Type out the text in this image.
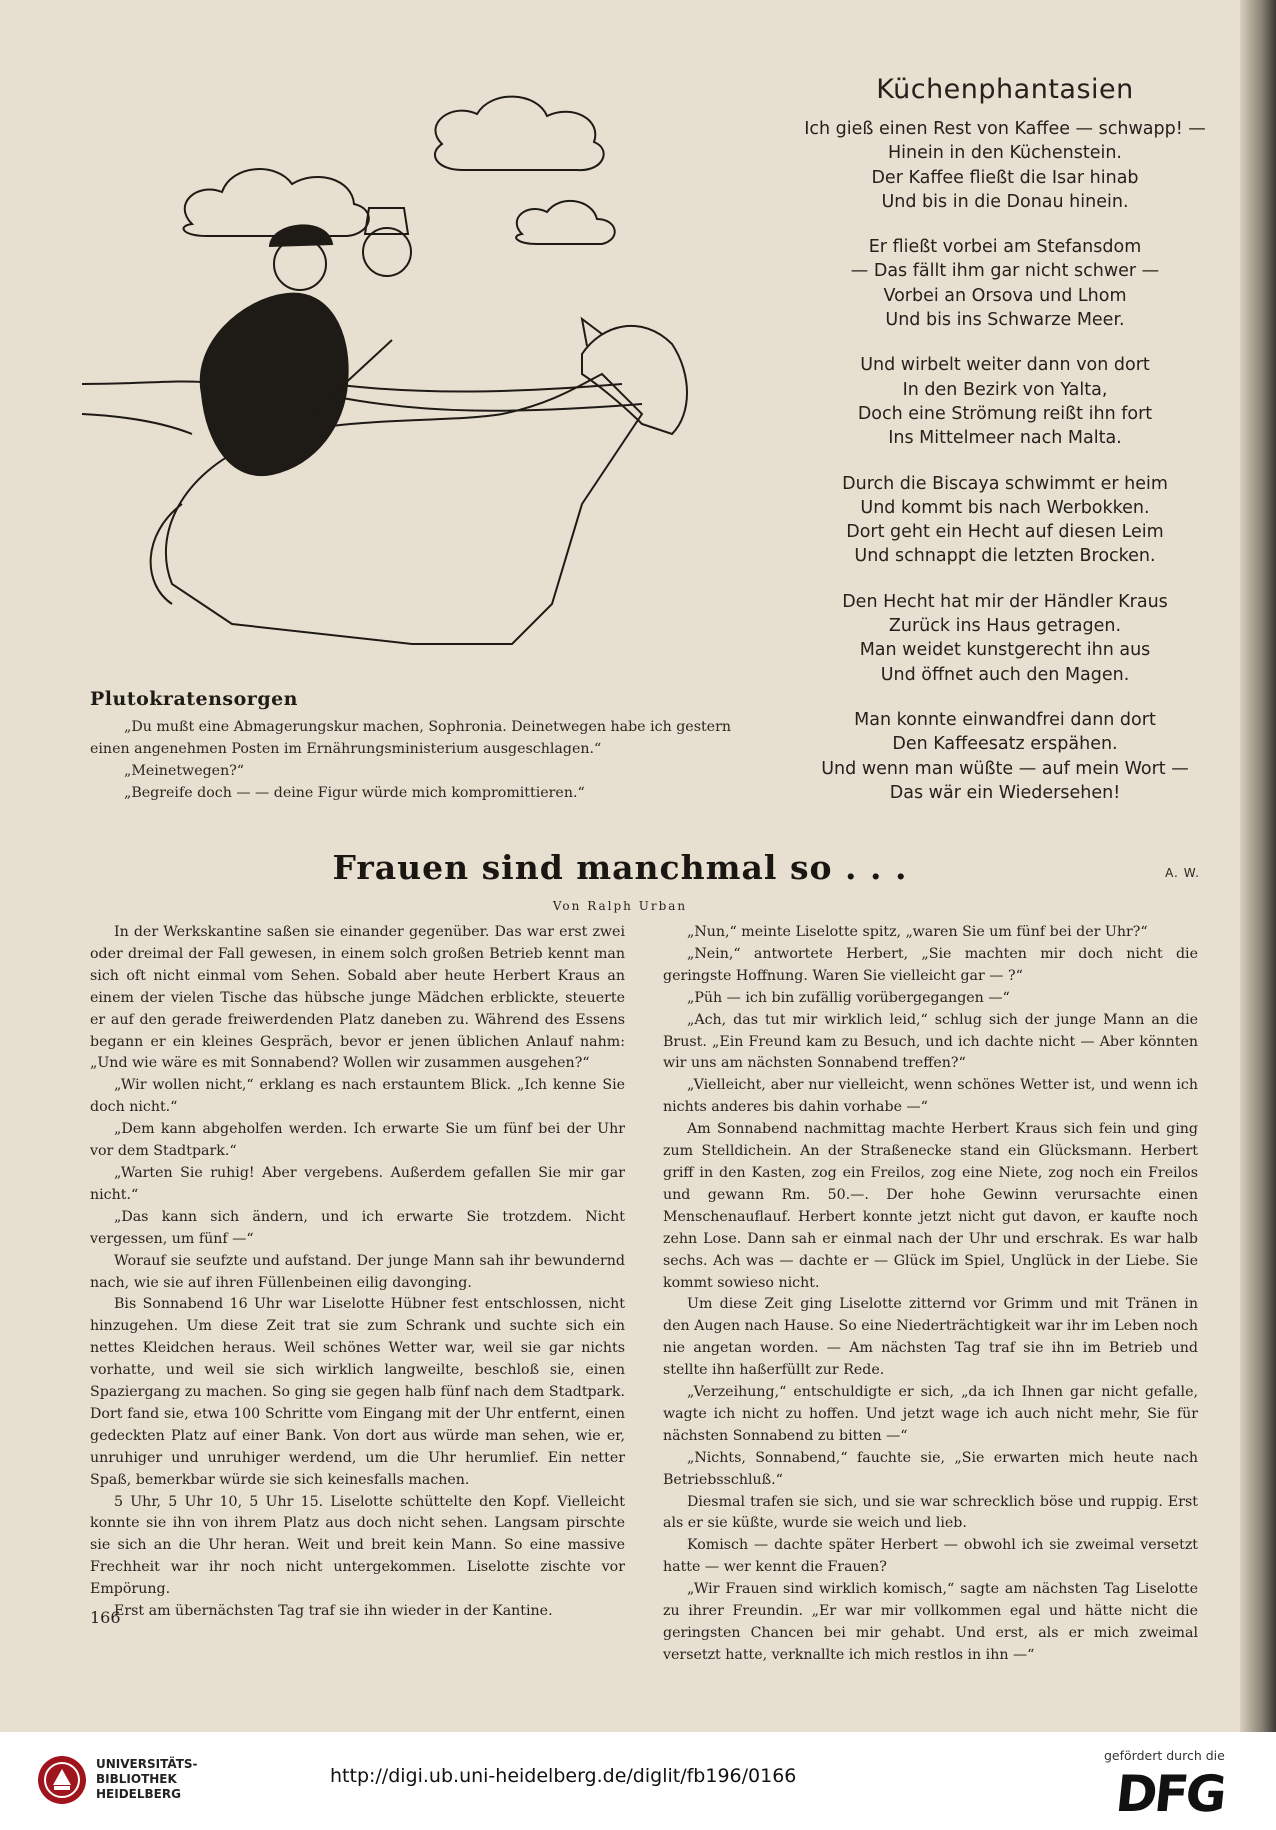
Plutokratensorgen

„Du mußt eine Abmagerungskur machen, Sophronia. Deinetwegen habe ich gestern einen angenehmen Posten im Ernährungsministerium ausgeschlagen.“

„Meinetwegen?“

„Begreife doch — — deine Figur würde mich kompromittieren.“

Küchenphantasien

Ich gieß einen Rest von Kaffee — schwapp! —

Hinein in den Küchenstein.

Der Kaffee fließt die Isar hinab

Und bis in die Donau hinein.

Er fließt vorbei am Stefansdom

— Das fällt ihm gar nicht schwer —

Vorbei an Orsova und Lhom

Und bis ins Schwarze Meer.

Und wirbelt weiter dann von dort

In den Bezirk von Yalta,

Doch eine Strömung reißt ihn fort

Ins Mittelmeer nach Malta.

Durch die Biscaya schwimmt er heim

Und kommt bis nach Werbokken.

Dort geht ein Hecht auf diesen Leim

Und schnappt die letzten Brocken.

Den Hecht hat mir der Händler Kraus

Zurück ins Haus getragen.

Man weidet kunstgerecht ihn aus

Und öffnet auch den Magen.

Man konnte einwandfrei dann dort

Den Kaffeesatz erspähen.

Und wenn man wüßte — auf mein Wort —

Das wär ein Wiedersehen!

A. W.
Frauen sind manchmal so . . .

Von Ralph Urban

In der Werkskantine saßen sie einander gegenüber. Das war erst zwei oder dreimal der Fall gewesen, in einem solch großen Betrieb kennt man sich oft nicht einmal vom Sehen. Sobald aber heute Herbert Kraus an einem der vielen Tische das hübsche junge Mädchen erblickte, steuerte er auf den gerade freiwerdenden Platz daneben zu. Während des Essens begann er ein kleines Gespräch, bevor er jenen üblichen Anlauf nahm: „Und wie wäre es mit Sonnabend? Wollen wir zusammen ausgehen?“

„Wir wollen nicht,“ erklang es nach erstauntem Blick. „Ich kenne Sie doch nicht.“

„Dem kann abgeholfen werden. Ich erwarte Sie um fünf bei der Uhr vor dem Stadtpark.“

„Warten Sie ruhig! Aber vergebens. Außerdem gefallen Sie mir gar nicht.“

„Das kann sich ändern, und ich erwarte Sie trotzdem. Nicht vergessen, um fünf —“

Worauf sie seufzte und aufstand. Der junge Mann sah ihr bewundernd nach, wie sie auf ihren Füllenbeinen eilig davonging.

Bis Sonnabend 16 Uhr war Liselotte Hübner fest entschlossen, nicht hinzugehen. Um diese Zeit trat sie zum Schrank und suchte sich ein nettes Kleidchen heraus. Weil schönes Wetter war, weil sie gar nichts vorhatte, und weil sie sich wirklich langweilte, beschloß sie, einen Spaziergang zu machen. So ging sie gegen halb fünf nach dem Stadtpark. Dort fand sie, etwa 100 Schritte vom Eingang mit der Uhr entfernt, einen gedeckten Platz auf einer Bank. Von dort aus würde man sehen, wie er, unruhiger und unruhiger werdend, um die Uhr herumlief. Ein netter Spaß, bemerkbar würde sie sich keinesfalls machen.

5 Uhr, 5 Uhr 10, 5 Uhr 15. Liselotte schüttelte den Kopf. Vielleicht konnte sie ihn von ihrem Platz aus doch nicht sehen. Langsam pirschte sie sich an die Uhr heran. Weit und breit kein Mann. So eine massive Frechheit war ihr noch nicht untergekommen. Liselotte zischte vor Empörung.

Erst am übernächsten Tag traf sie ihn wieder in der Kantine.

„Nun,“ meinte Liselotte spitz, „waren Sie um fünf bei der Uhr?“

„Nein,“ antwortete Herbert, „Sie machten mir doch nicht die geringste Hoffnung. Waren Sie vielleicht gar — ?“

„Püh — ich bin zufällig vorübergegangen —“

„Ach, das tut mir wirklich leid,“ schlug sich der junge Mann an die Brust. „Ein Freund kam zu Besuch, und ich dachte nicht — Aber könnten wir uns am nächsten Sonnabend treffen?“

„Vielleicht, aber nur vielleicht, wenn schönes Wetter ist, und wenn ich nichts anderes bis dahin vorhabe —“

Am Sonnabend nachmittag machte Herbert Kraus sich fein und ging zum Stelldichein. An der Straßenecke stand ein Glücksmann. Herbert griff in den Kasten, zog ein Freilos, zog eine Niete, zog noch ein Freilos und gewann Rm. 50.—. Der hohe Gewinn verursachte einen Menschenauflauf. Herbert konnte jetzt nicht gut davon, er kaufte noch zehn Lose. Dann sah er einmal nach der Uhr und erschrak. Es war halb sechs. Ach was — dachte er — Glück im Spiel, Unglück in der Liebe. Sie kommt sowieso nicht.

Um diese Zeit ging Liselotte zitternd vor Grimm und mit Tränen in den Augen nach Hause. So eine Niederträchtigkeit war ihr im Leben noch nie angetan worden. — Am nächsten Tag traf sie ihn im Betrieb und stellte ihn haßerfüllt zur Rede.

„Verzeihung,“ entschuldigte er sich, „da ich Ihnen gar nicht gefalle, wagte ich nicht zu hoffen. Und jetzt wage ich auch nicht mehr, Sie für nächsten Sonnabend zu bitten —“

„Nichts, Sonnabend,“ fauchte sie, „Sie erwarten mich heute nach Betriebsschluß.“

Diesmal trafen sie sich, und sie war schrecklich böse und ruppig. Erst als er sie küßte, wurde sie weich und lieb.

Komisch — dachte später Herbert — obwohl ich sie zweimal versetzt hatte — wer kennt die Frauen?

„Wir Frauen sind wirklich komisch,“ sagte am nächsten Tag Liselotte zu ihrer Freundin. „Er war mir vollkommen egal und hätte nicht die geringsten Chancen bei mir gehabt. Und erst, als er mich zweimal versetzt hatte, verknallte ich mich restlos in ihn —“

166

UNIVERSITÄTS-
BIBLIOTHEK
HEIDELBERG
http://digi.ub.uni-heidelberg.de/diglit/fb196/0166
gefördert durch die
DFG
